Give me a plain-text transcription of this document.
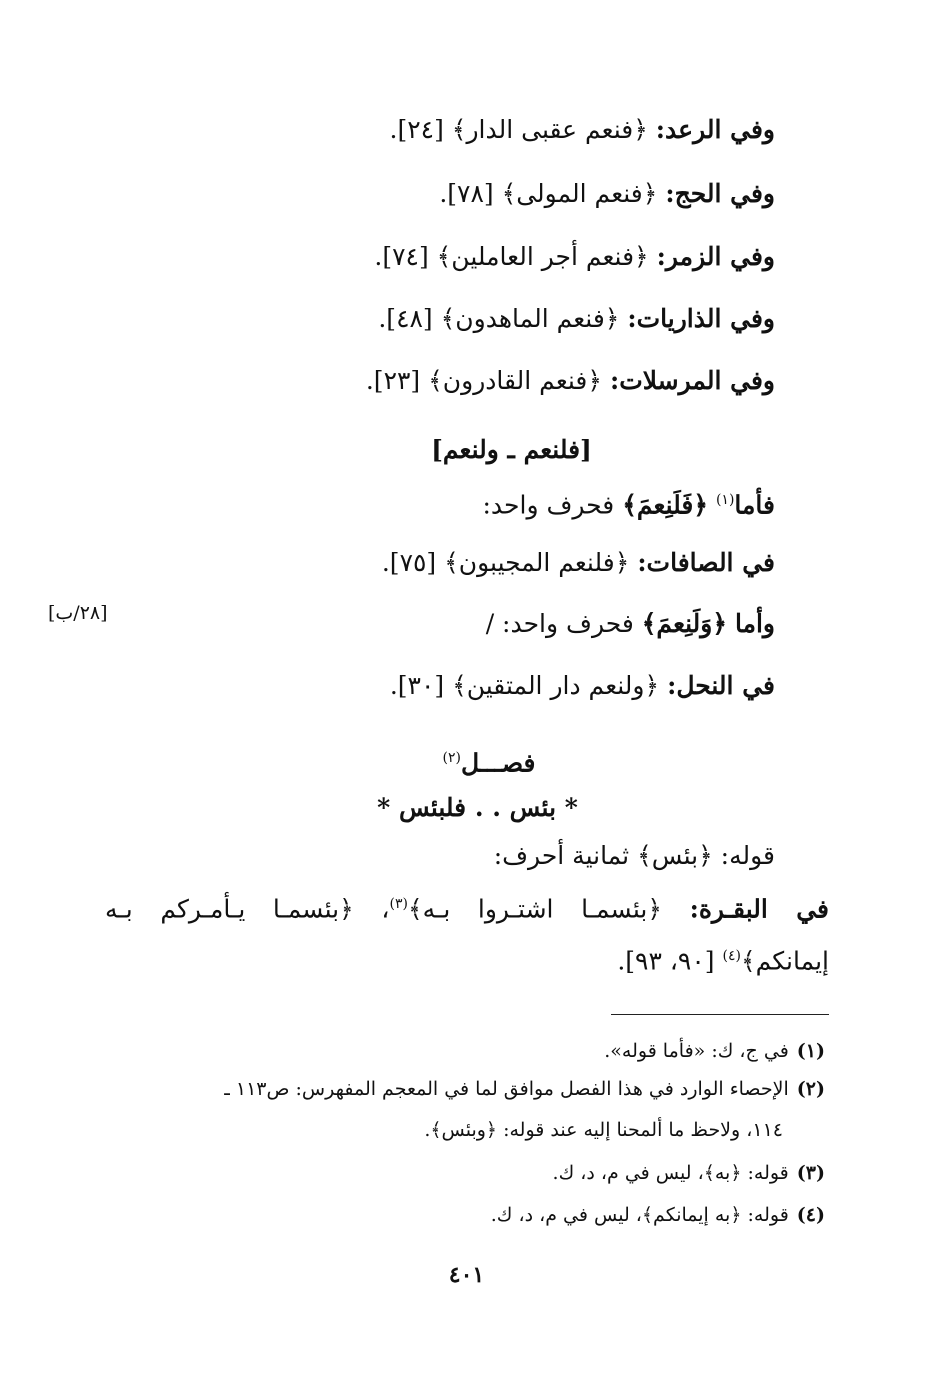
وفي الرعد: ﴿فنعم عقبى الدار﴾ [٢٤].
وفي الحج: ﴿فنعم المولى﴾ [٧٨].
وفي الزمر: ﴿فنعم أجر العاملين﴾ [٧٤].
وفي الذاريات: ﴿فنعم الماهدون﴾ [٤٨].
وفي المرسلات: ﴿فنعم القادرون﴾ [٢٣].
[فلنعم ـ ولنعم]
فأما$^{(١)}$ ﴿فَلَنِعمَ﴾ فحرف واحد:
في الصافات: ﴿فلنعم المجيبون﴾ [٧٥].
وأما ﴿وَلَنِعمَ﴾ فحرف واحد: /
في النحل: ﴿ولنعم دار المتقين﴾ [٣٠].
[٢٨/ب]
فصـــل$^{(٢)}$
* بئس . . فلبئس *
قوله: ﴿بئس﴾ ثمانية أحرف:
في البقـرة: ﴿بئسمـا اشتـروا بـه﴾$^{(٣)}$، ﴿بئسمـا يـأمـركم بـه
إيمانكم﴾$^{(٤)}$ [٩٠، ٩٣].
(١)في ج، ك: «فأما قوله».
(٢)الإحصاء الوارد في هذا الفصل موافق لما في المعجم المفهرس: ص١١٣ ـ
١١٤، ولاحظ ما ألمحنا إليه عند قوله: ﴿وبئس﴾.
(٣)قوله: ﴿به﴾، ليس في م، د، ك.
(٤)قوله: ﴿به إيمانكم﴾، ليس في م، د، ك.
٤٠١
